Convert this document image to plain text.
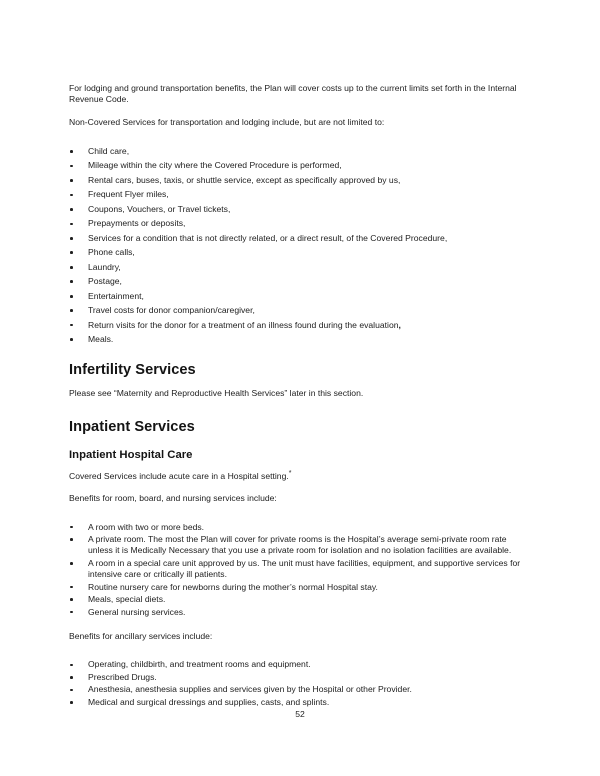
For lodging and ground transportation benefits, the Plan will cover costs up to the current limits set forth in the Internal Revenue Code.

Non-Covered Services for transportation and lodging include, but are not limited to:

Child care,
Mileage within the city where the Covered Procedure is performed,
Rental cars, buses, taxis, or shuttle service, except as specifically approved by us,
Frequent Flyer miles,
Coupons, Vouchers, or Travel tickets,
Prepayments or deposits,
Services for a condition that is not directly related, or a direct result, of the Covered Procedure,
Phone calls,
Laundry,
Postage,
Entertainment,
Travel costs for donor companion/caregiver,
Return visits for the donor for a treatment of an illness found during the evaluation,
Meals.
Infertility Services

Please see “Maternity and Reproductive Health Services” later in this section.

Inpatient Services
Inpatient Hospital Care

Covered Services include acute care in a Hospital setting.*

Benefits for room, board, and nursing services include:

A room with two or more beds.
A private room. The most the Plan will cover for private rooms is the Hospital’s average semi-private room rate unless it is Medically Necessary that you use a private room for isolation and no isolation facilities are available.
A room in a special care unit approved by us. The unit must have facilities, equipment, and supportive services for intensive care or critically ill patients.
Routine nursery care for newborns during the mother’s normal Hospital stay.
Meals, special diets.
General nursing services.

Benefits for ancillary services include:

Operating, childbirth, and treatment rooms and equipment.
Prescribed Drugs.
Anesthesia, anesthesia supplies and services given by the Hospital or other Provider.
Medical and surgical dressings and supplies, casts, and splints.
52
